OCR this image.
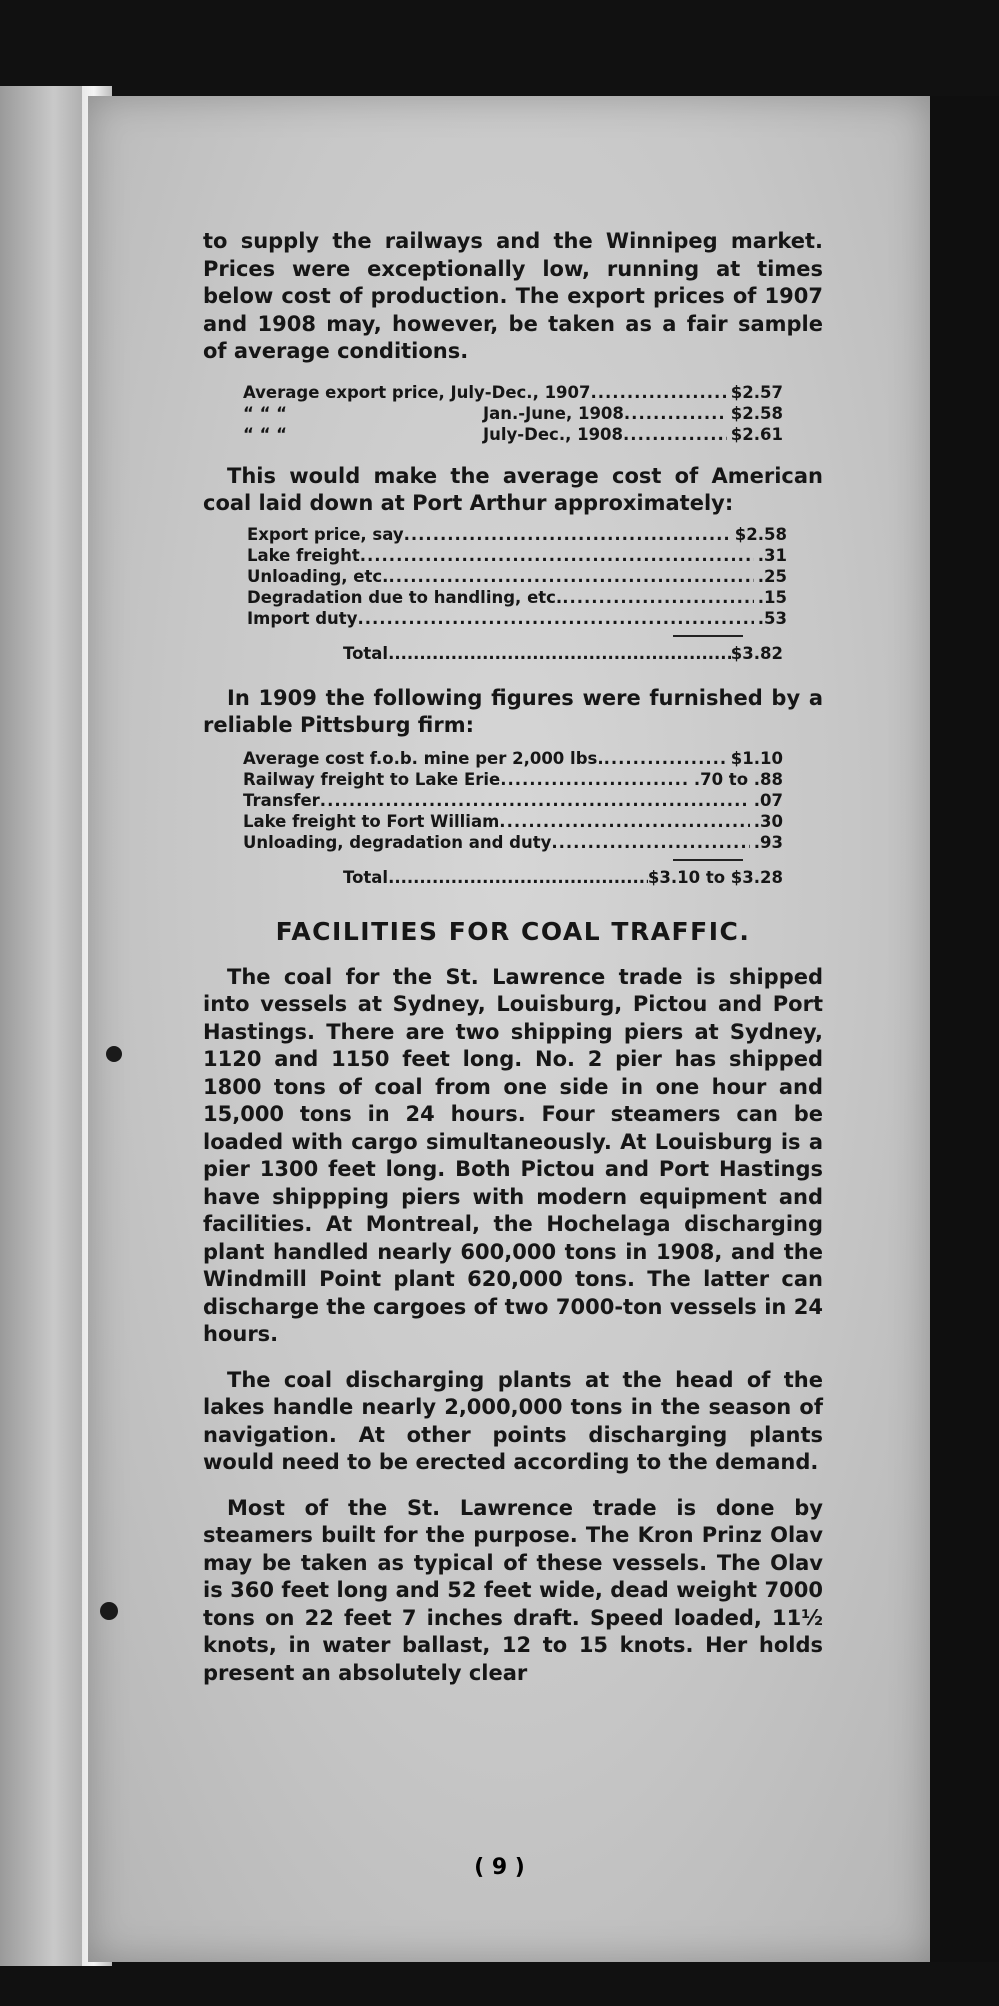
to supply the railways and the Winnipeg market. Prices were exceptionally low, running at times below cost of production. The export prices of 1907 and 1908 may, however, be taken as a fair sample of average conditions.

Average export price, July-Dec., 1907 .....	$2.57
“ “ “	Jan.-June, 1908 .....	$2.58
“ “ “	July-Dec., 1908 .....	$2.61

This would make the average cost of American coal laid down at Port Arthur approximately:

Export price, say .....	$2.58
Lake freight .....	.31
Unloading, etc. .....	.25
Degradation due to handling, etc. .....	.15
Import duty .....	.53
Total .....	$3.82

In 1909 the following figures were furnished by a reliable Pittsburg firm:

Average cost f.o.b. mine per 2,000 lbs. .....	$1.10
Railway freight to Lake Erie .....	.70 to .88
Transfer .....	.07
Lake freight to Fort William .....	.30
Unloading, degradation and duty .....	.93
Total .....	$3.10 to $3.28
FACILITIES FOR COAL TRAFFIC.

The coal for the St. Lawrence trade is shipped into vessels at Sydney, Louisburg, Pictou and Port Hastings. There are two shipping piers at Sydney, 1120 and 1150 feet long. No. 2 pier has shipped 1800 tons of coal from one side in one hour and 15,000 tons in 24 hours. Four steamers can be loaded with cargo simultaneously. At Louisburg is a pier 1300 feet long. Both Pictou and Port Hastings have shippping piers with modern equipment and facilities. At Montreal, the Hochelaga discharging plant handled nearly 600,000 tons in 1908, and the Windmill Point plant 620,000 tons. The latter can discharge the cargoes of two 7000-ton vessels in 24 hours.

The coal discharging plants at the head of the lakes handle nearly 2,000,000 tons in the season of navigation. At other points discharging plants would need to be erected according to the demand.

Most of the St. Lawrence trade is done by steamers built for the purpose. The Kron Prinz Olav may be taken as typical of these vessels. The Olav is 360 feet long and 52 feet wide, dead weight 7000 tons on 22 feet 7 inches draft. Speed loaded, 11½ knots, in water ballast, 12 to 15 knots. Her holds present an absolutely clear

( 9 )
